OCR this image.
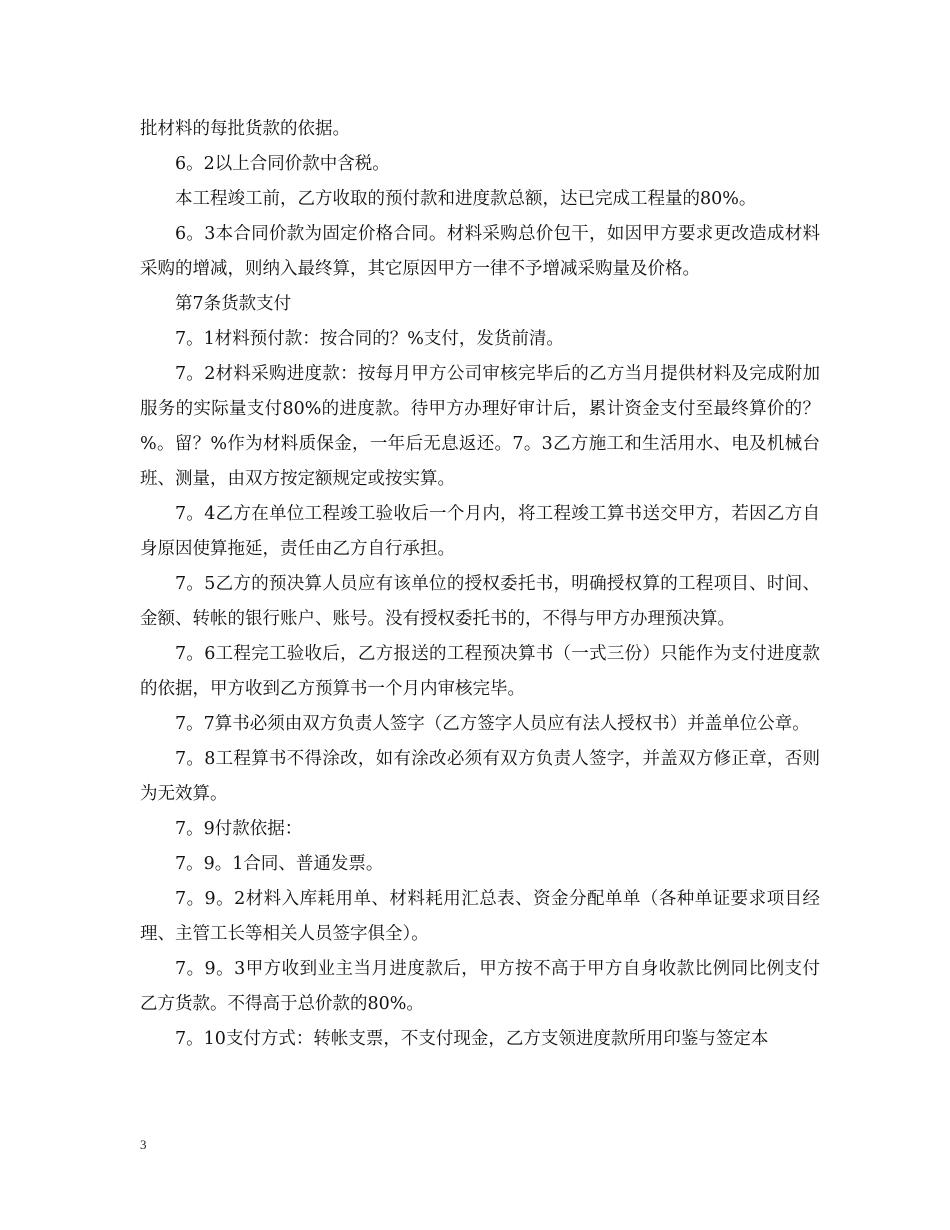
批材料的每批货款的依据。

6。2以上合同价款中含税。

本工程竣工前，乙方收取的预付款和进度款总额，达已完成工程量的80%。

6。3本合同价款为固定价格合同。材料采购总价包干，如因甲方要求更改造成材料采购的增减，则纳入最终算，其它原因甲方一律不予增减采购量及价格。

第7条货款支付

7。1材料预付款：按合同的？%支付，发货前清。

7。2材料采购进度款：按每月甲方公司审核完毕后的乙方当月提供材料及完成附加服务的实际量支付80%的进度款。待甲方办理好审计后，累计资金支付至最终算价的？%。留？%作为材料质保金，一年后无息返还。7。3乙方施工和生活用水、电及机械台班、测量，由双方按定额规定或按实算。

7。4乙方在单位工程竣工验收后一个月内，将工程竣工算书送交甲方，若因乙方自身原因使算拖延，责任由乙方自行承担。

7。5乙方的预决算人员应有该单位的授权委托书，明确授权算的工程项目、时间、金额、转帐的银行账户、账号。没有授权委托书的，不得与甲方办理预决算。

7。6工程完工验收后，乙方报送的工程预决算书（一式三份）只能作为支付进度款的依据，甲方收到乙方预算书一个月内审核完毕。

7。7算书必须由双方负责人签字（乙方签字人员应有法人授权书）并盖单位公章。

7。8工程算书不得涂改，如有涂改必须有双方负责人签字，并盖双方修正章，否则为无效算。

7。9付款依据：

7。9。1合同、普通发票。

7。9。2材料入库耗用单、材料耗用汇总表、资金分配单单（各种单证要求项目经理、主管工长等相关人员签字俱全）。

7。9。3甲方收到业主当月进度款后，甲方按不高于甲方自身收款比例同比例支付乙方货款。不得高于总价款的80%。

7。10支付方式：转帐支票，不支付现金，乙方支领进度款所用印鉴与签定本

3
